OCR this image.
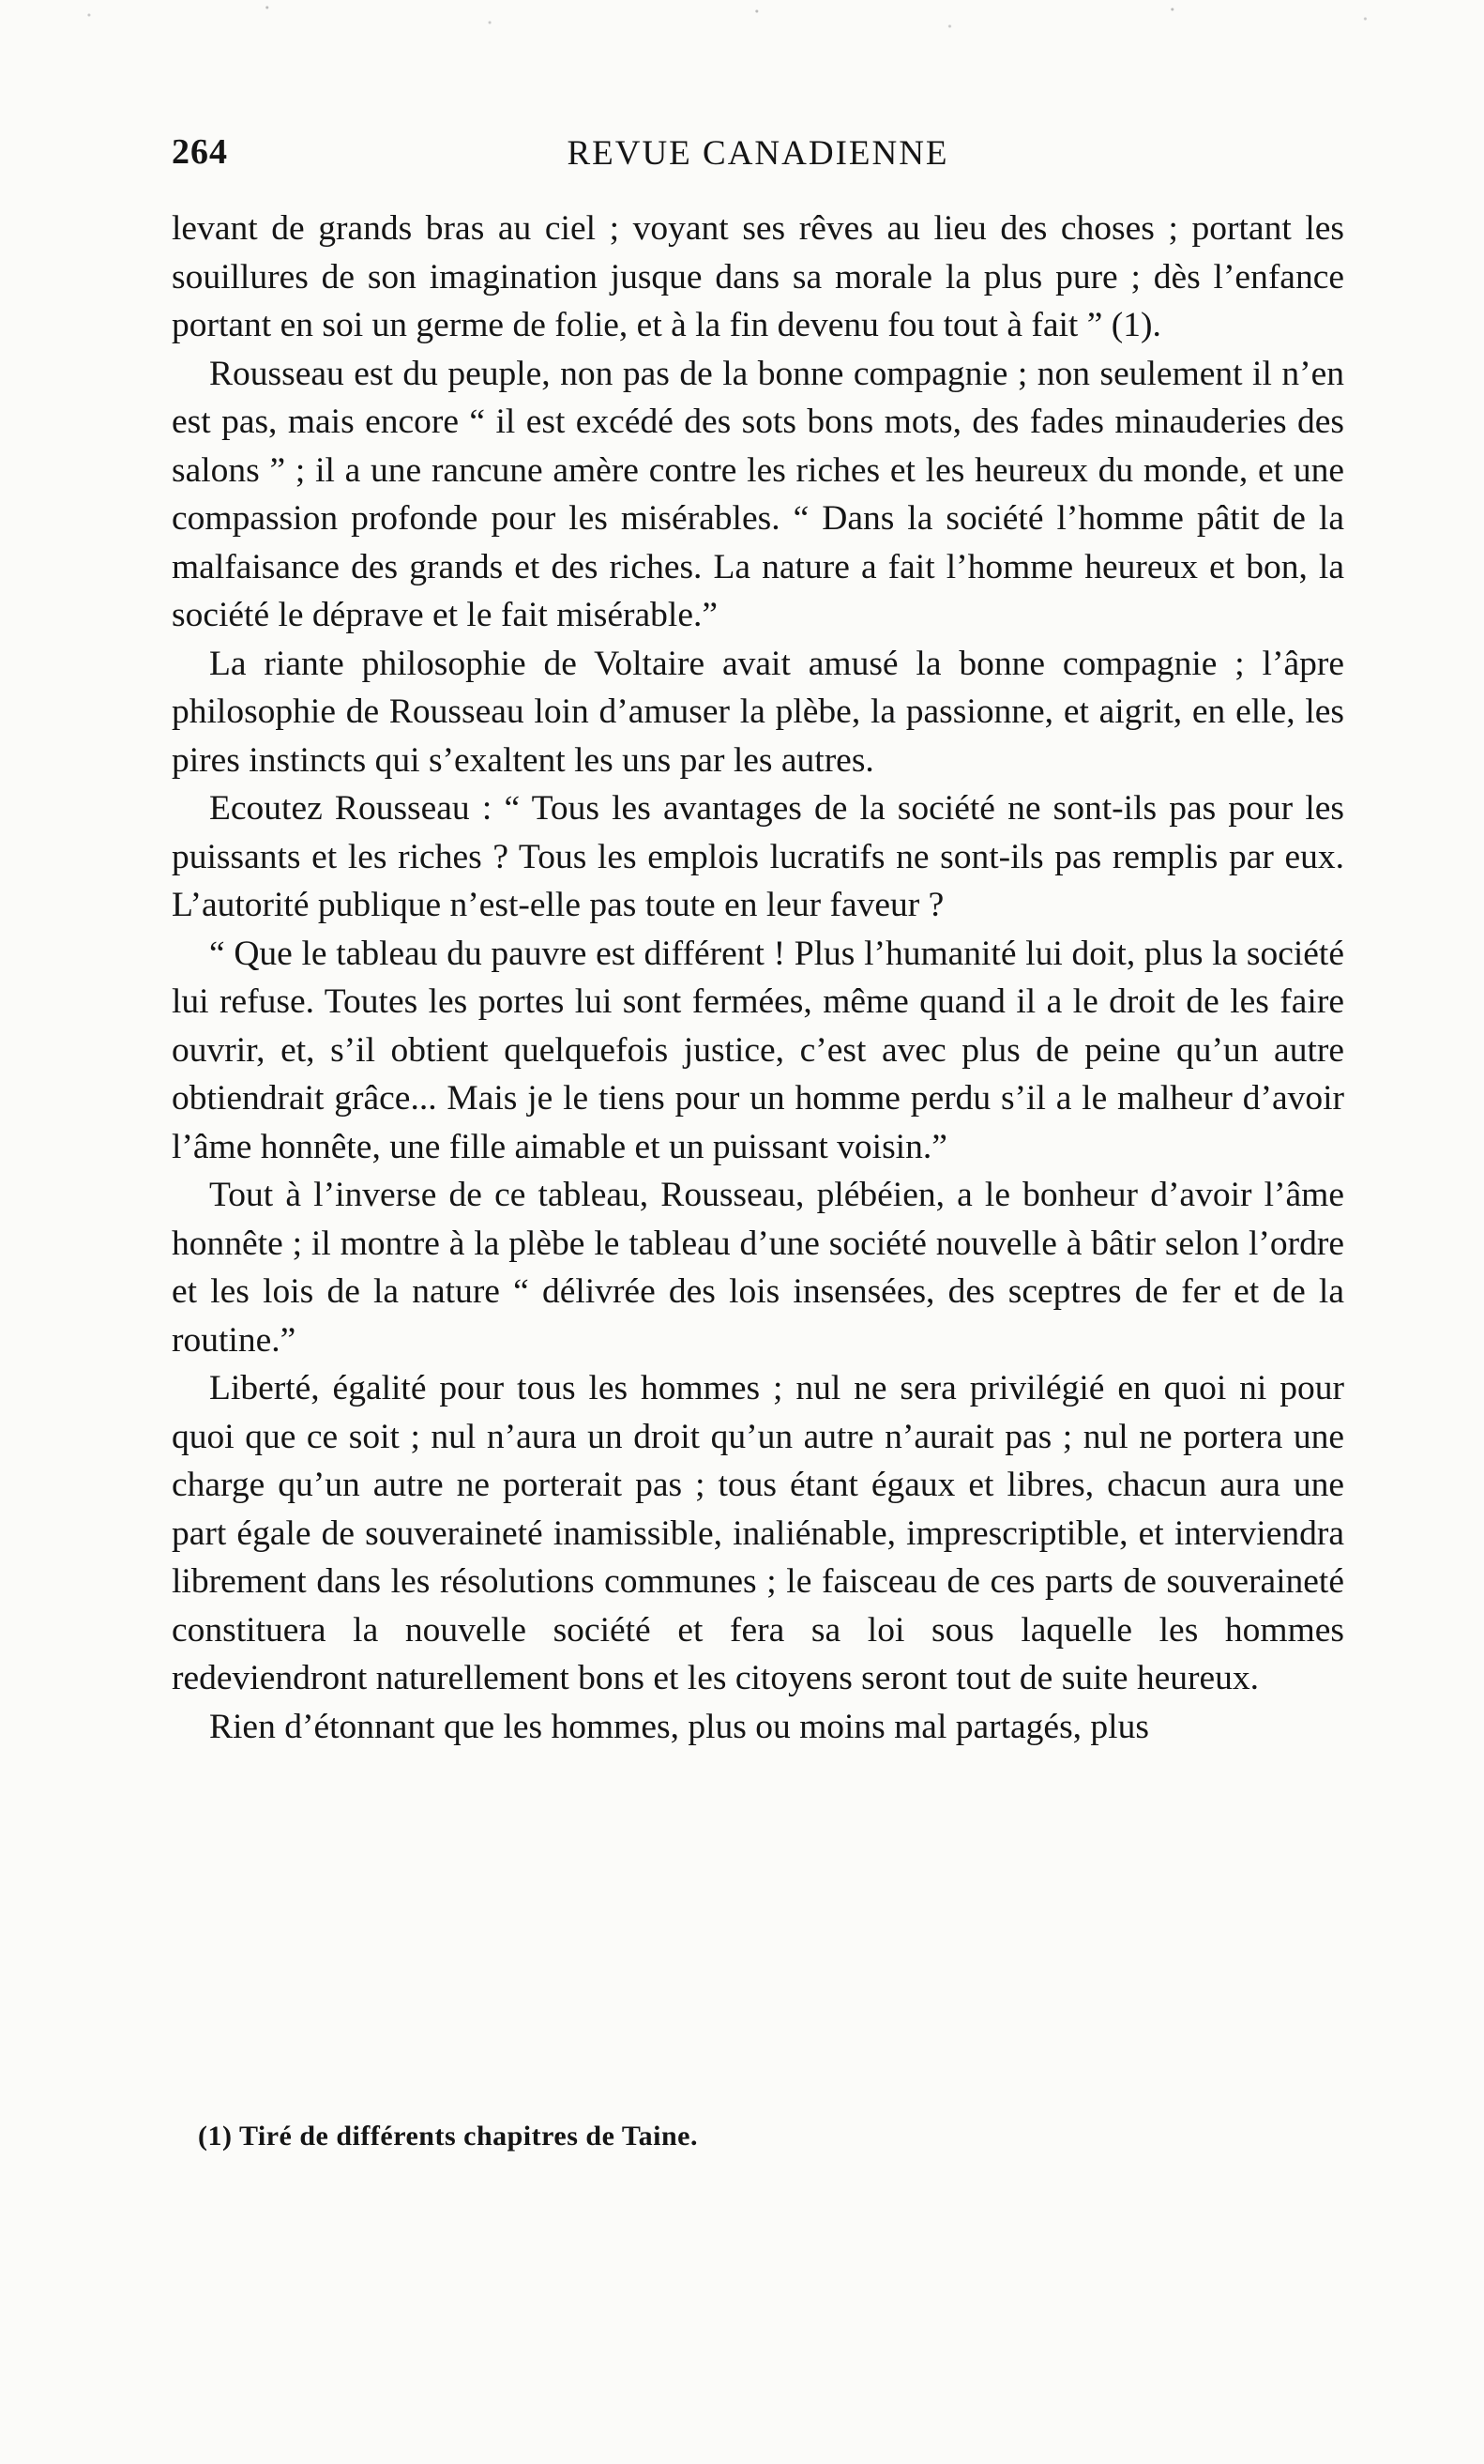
264	REVUE CANADIENNE

levant de grands bras au ciel ; voyant ses rêves au lieu des choses ; portant les souillures de son imagination jusque dans sa morale la plus pure ; dès l’enfance portant en soi un germe de folie, et à la fin devenu fou tout à fait ” (1).

Rousseau est du peuple, non pas de la bonne compagnie ; non seulement il n’en est pas, mais encore “ il est excédé des sots bons mots, des fades minauderies des salons ” ; il a une rancune amère contre les riches et les heureux du monde, et une compassion profonde pour les misérables. “ Dans la société l’homme pâtit de la malfaisance des grands et des riches. La nature a fait l’homme heureux et bon, la société le déprave et le fait misérable.”

La riante philosophie de Voltaire avait amusé la bonne compagnie ; l’âpre philosophie de Rousseau loin d’amuser la plèbe, la passionne, et aigrit, en elle, les pires instincts qui s’exaltent les uns par les autres.

Ecoutez Rousseau : “ Tous les avantages de la société ne sont-ils pas pour les puissants et les riches ? Tous les emplois lucratifs ne sont-ils pas remplis par eux. L’autorité publique n’est-elle pas toute en leur faveur ?

“ Que le tableau du pauvre est différent ! Plus l’humanité lui doit, plus la société lui refuse. Toutes les portes lui sont fermées, même quand il a le droit de les faire ouvrir, et, s’il obtient quelquefois justice, c’est avec plus de peine qu’un autre obtiendrait grâce... Mais je le tiens pour un homme perdu s’il a le malheur d’avoir l’âme honnête, une fille aimable et un puissant voisin.”

Tout à l’inverse de ce tableau, Rousseau, plébéien, a le bonheur d’avoir l’âme honnête ; il montre à la plèbe le tableau d’une société nouvelle à bâtir selon l’ordre et les lois de la nature “ délivrée des lois insensées, des sceptres de fer et de la routine.”

Liberté, égalité pour tous les hommes ; nul ne sera privilégié en quoi ni pour quoi que ce soit ; nul n’aura un droit qu’un autre n’aurait pas ; nul ne portera une charge qu’un autre ne porterait pas ; tous étant égaux et libres, chacun aura une part égale de souveraineté inamissible, inaliénable, imprescriptible, et interviendra librement dans les résolutions communes ; le faisceau de ces parts de souveraineté constituera la nouvelle société et fera sa loi sous laquelle les hommes redeviendront naturellement bons et les citoyens seront tout de suite heureux.

Rien d’étonnant que les hommes, plus ou moins mal partagés, plus

(1) Tiré de différents chapitres de Taine.
